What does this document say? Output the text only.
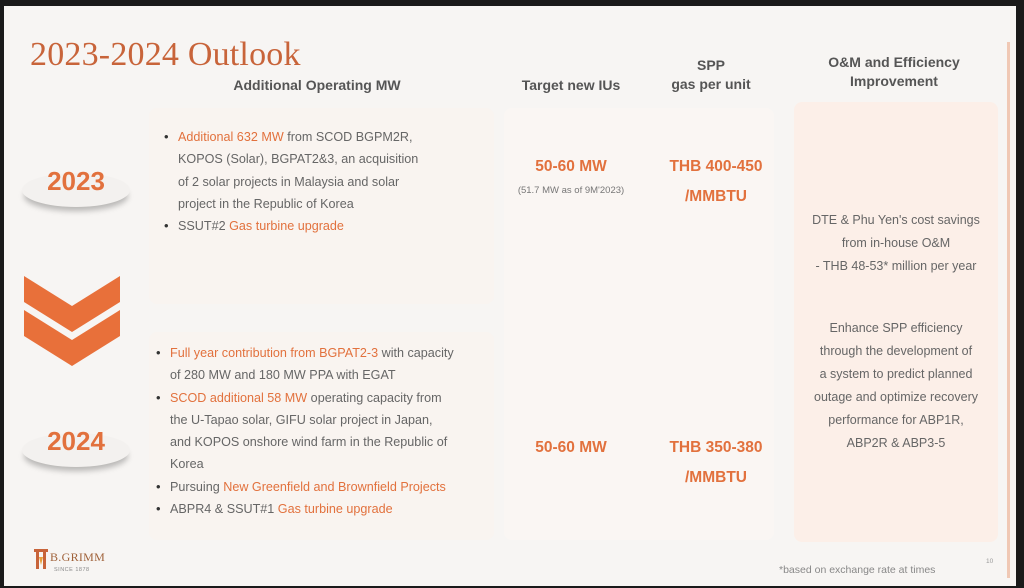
2023-2024 Outlook
Additional Operating MW	Target new IUs
SPP
gas per unit
O&M and Efficiency
Improvement
2023
2024
• Additional 632 MW from SCOD BGPM2R,
KOPOS (Solar), BGPAT2&3, an acquisition
of 2 solar projects in Malaysia and solar
project in the Republic of Korea
• SSUT#2 Gas turbine upgrade
• Full year contribution from BGPAT2-3 with capacity
of 280 MW and 180 MW PPA with EGAT
• SCOD additional 58 MW operating capacity from
the U-Tapao solar, GIFU solar project in Japan,
and KOPOS onshore wind farm in the Republic of
Korea
• Pursuing New Greenfield and Brownfield Projects
• ABPR4 & SSUT#1 Gas turbine upgrade
50-60 MW
(51.7 MW as of 9M'2023)
50-60 MW
THB 400-450
/MMBTU
THB 350-380
/MMBTU
DTE & Phu Yen's cost savings
from in-house O&M
- THB 48-53* million per year
Enhance SPP efficiency
through the development of
a system to predict planned
outage and optimize recovery
performance for ABP1R,
ABP2R & ABP3-5
B.GRIMM
SINCE 1878	*based on exchange rate at times
10
